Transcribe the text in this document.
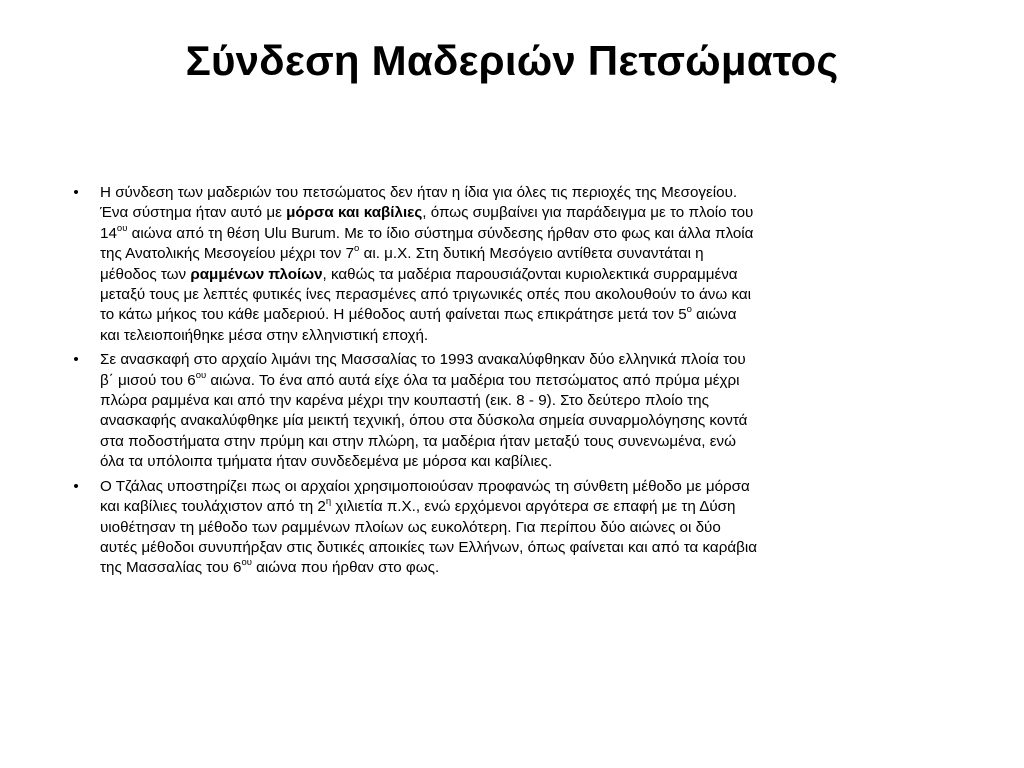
Σύνδεση Μαδεριών Πετσώματος
• Η σύνδεση των μαδεριών του πετσώματος δεν ήταν η ίδια για όλες τις περιοχές της Μεσογείου.
Ένα σύστημα ήταν αυτό με μόρσα και καβίλιες, όπως συμβαίνει για παράδειγμα με το πλοίο του
$14^{o\upsilon}$ αιώνα από τη θέση Ulu Burum. Με το ίδιο σύστημα σύνδεσης ήρθαν στο φως και άλλα πλοία
της Ανατολικής Μεσογείου μέχρι τον $7^o$ αι. μ.Χ. Στη δυτική Μεσόγειο αντίθετα συναντάται η
μέθοδος των ραμμένων πλοίων, καθώς τα μαδέρια παρουσιάζονται κυριολεκτικά συρραμμένα
μεταξύ τους με λεπτές φυτικές ίνες περασμένες από τριγωνικές οπές που ακολουθούν το άνω και
το κάτω μήκος του κάθε μαδεριού. Η μέθοδος αυτή φαίνεται πως επικράτησε μετά τον $5^o$ αιώνα
και τελειοποιήθηκε μέσα στην ελληνιστική εποχή.
• Σε ανασκαφή στο αρχαίο λιμάνι της Μασσαλίας το 1993 ανακαλύφθηκαν δύο ελληνικά πλοία του
β΄ μισού του $6^{o\upsilon}$ αιώνα. Το ένα από αυτά είχε όλα τα μαδέρια του πετσώματος από πρύμα μέχρι
πλώρα ραμμένα και από την καρένα μέχρι την κουπαστή (εικ. 8 - 9). Στο δεύτερο πλοίο της
ανασκαφής ανακαλύφθηκε μία μεικτή τεχνική, όπου στα δύσκολα σημεία συναρμολόγησης κοντά
στα ποδοστήματα στην πρύμη και στην πλώρη, τα μαδέρια ήταν μεταξύ τους συνενωμένα, ενώ
όλα τα υπόλοιπα τμήματα ήταν συνδεδεμένα με μόρσα και καβίλιες.
• Ο Τζάλας υποστηρίζει πως οι αρχαίοι χρησιμοποιούσαν προφανώς τη σύνθετη μέθοδο με μόρσα
και καβίλιες τουλάχιστον από τη $2^\eta$ χιλιετία π.Χ., ενώ ερχόμενοι αργότερα σε επαφή με τη Δύση
υιοθέτησαν τη μέθοδο των ραμμένων πλοίων ως ευκολότερη. Για περίπου δύο αιώνες οι δύο
αυτές μέθοδοι συνυπήρξαν στις δυτικές αποικίες των Ελλήνων, όπως φαίνεται και από τα καράβια
της Μασσαλίας του $6^{o\upsilon}$ αιώνα που ήρθαν στο φως.
